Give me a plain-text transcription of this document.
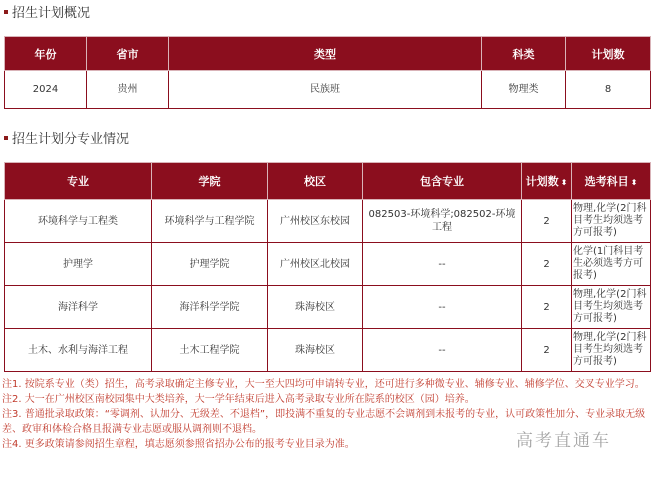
招生计划概况
年份	省市	类型	科类	计划数
2024	贵州	民族班	物理类	8
招生计划分专业情况
专业	学院	校区	包含专业	计划数 ⬍	选考科目 ⬍
环境科学与工程类	环境科学与工程学院	广州校区东校园	082503-环境科学;082502-环境工程	2	物理,化学(2门科目考生均须选考方可报考)
护理学	护理学院	广州校区北校园	--	2	化学(1门科目考生必须选考方可报考)
海洋科学	海洋科学学院	珠海校区	--	2	物理,化学(2门科目考生均须选考方可报考)
土木、水利与海洋工程	土木工程学院	珠海校区	--	2	物理,化学(2门科目考生均须选考方可报考)
注1. 按院系专业（类）招生，高考录取确定主修专业，大一至大四均可申请转专业，还可进行多种微专业、辅修专业、辅修学位、交叉专业学习。
注2. 大一在广州校区南校园集中大类培养，大一学年结束后进入高考录取专业所在院系的校区（园）培养。
注3. 普通批录取政策：“零调剂、认加分、无级差、不退档”，即投满不重复的专业志愿不会调剂到未报考的专业，认可政策性加分、专业录取无级差、政审和体检合格且报满专业志愿或服从调剂则不退档。
注4. 更多政策请参阅招生章程，填志愿须参照省招办公布的报考专业目录为准。	高考直通车
